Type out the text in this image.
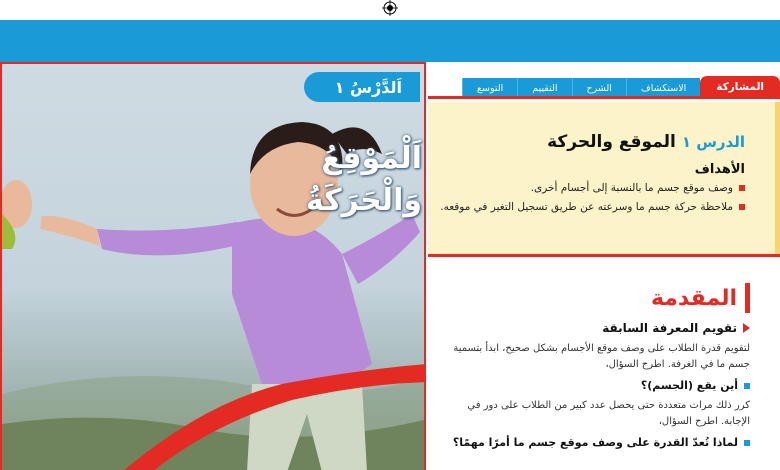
اَلدَّرْسُ ١
اَلْمَوْقِعُ
وَالْحَرَكَةُ
المشاركة
الاستكشاف
الشرح
التقييم
التوسع
الدرس ١
الموقع والحركة
الأهداف
وصف موقع جسم ما بالنسبة إلى أجسام أخرى.
ملاحظة حركة جسم ما وسرعته عن طريق تسجيل التغير في موقعه.
المقدمة
تقويم المعرفة السابقة
لتقويم قدرة الطلاب على وصف موقع الأجسام بشكل صحيح، ابدأ بتسمية جسم ما في الغرفة. اطرح السؤال،
أين يقع (الجسم)؟
كرر ذلك مرات متعددة حتى يحصل عدد كبير من الطلاب على دور في الإجابة. اطرح السؤال،
لماذا تُعدّ القدرة على وصف موقع جسم ما أمرًا مهمًا؟
